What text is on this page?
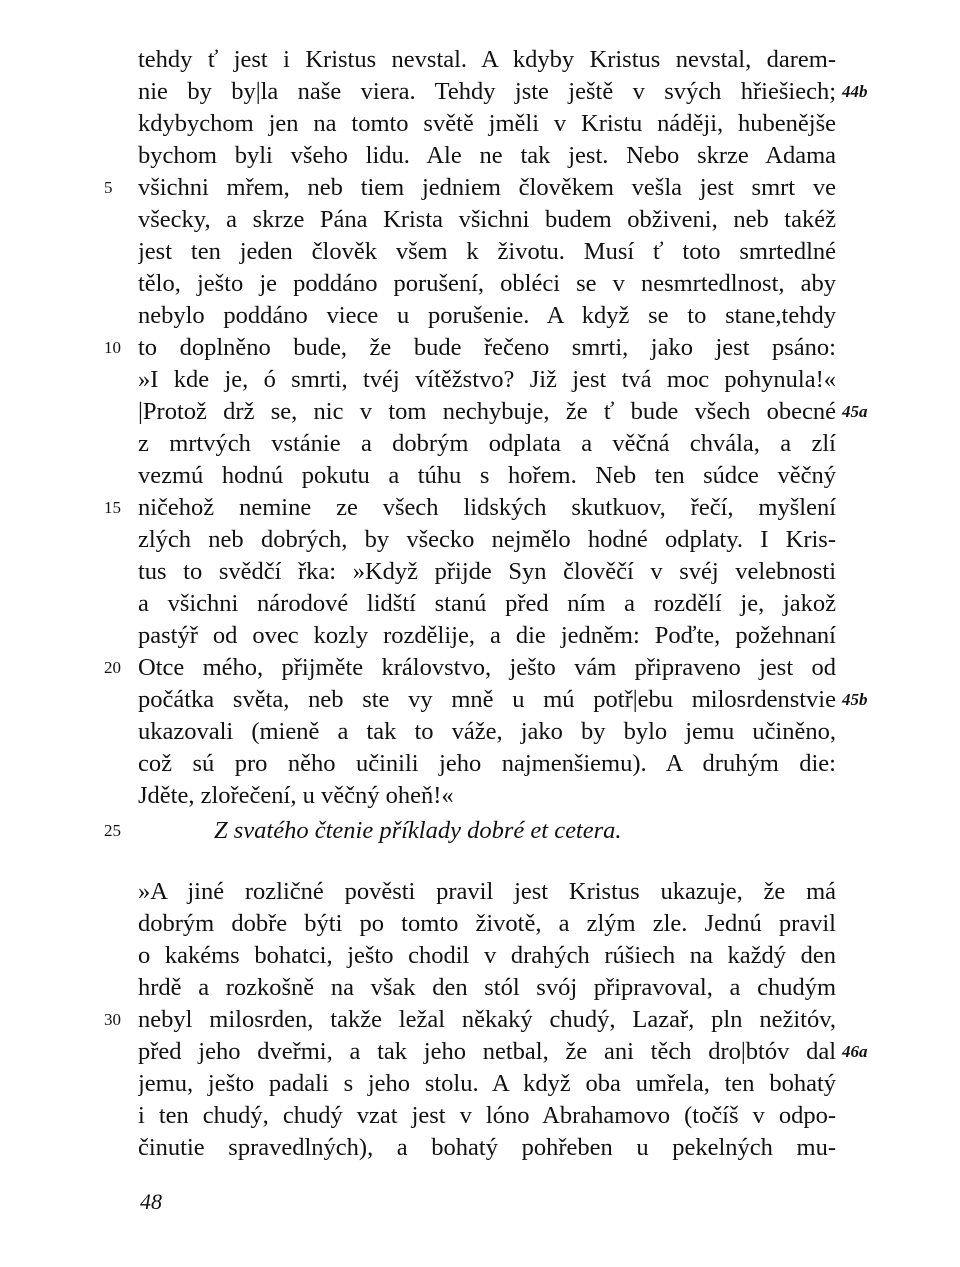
tehdy ť jest i Kristus nevstal. A kdyby Kristus nevstal, darem-
nie by by|la naše viera. Tehdy jste ještě v svých hřiešiech;
kdybychom jen na tomto světě jměli v Kristu náději, hubenějše
bychom byli všeho lidu. Ale ne tak jest. Nebo skrze Adama
všichni mřem, neb tiem jedniem člověkem vešla jest smrt ve
všecky, a skrze Pána Krista všichni budem obživeni, neb takéž
jest ten jeden člověk všem k životu. Musí ť toto smrtedlné
tělo, ješto je poddáno porušení, obléci se v nesmrtedlnost, aby
nebylo poddáno viece u porušenie. A když se to stane,tehdy
to doplněno bude, že bude řečeno smrti, jako jest psáno:
»I kde je, ó smrti, tvéj vítěžstvo? Již jest tvá moc pohynula!«
|Protož drž se, nic v tom nechybuje, že ť bude všech obecné
z mrtvých vstánie a dobrým odplata a věčná chvála, a zlí
vezmú hodnú pokutu a túhu s hořem. Neb ten súdce věčný
ničehož nemine ze všech lidských skutkuov, řečí, myšlení
zlých neb dobrých, by všecko nejmělo hodné odplaty. I Kris-
tus to svědčí řka: »Když přijde Syn člověčí v svéj velebnosti
a všichni národové lidští stanú před ním a rozdělí je, jakož
pastýř od ovec kozly rozdělije, a die jedněm: Poďte, požehnaní
Otce mého, přijměte královstvo, ješto vám připraveno jest od
počátka světa, neb ste vy mně u mú potř|ebu milosrdenstvie
ukazovali (mieně a tak to váže, jako by bylo jemu učiněno,
což sú pro něho učinili jeho najmenšiemu). A druhým die:
Jděte, zlořečení, u věčný oheň!«
Z svatého čtenie příklady dobré et cetera.
»A jiné rozličné pověsti pravil jest Kristus ukazuje, že má
dobrým dobře býti po tomto životě, a zlým zle. Jednú pravil
o kakéms bohatci, ješto chodil v drahých rúšiech na každý den
hrdě a rozkošně na však den stól svój připravoval, a chudým
nebyl milosrden, takže ležal někaký chudý, Lazař, pln nežitóv,
před jeho dveřmi, a tak jeho netbal, že ani těch dro|btóv dal
jemu, ješto padali s jeho stolu. A když oba umřela, ten bohatý
i ten chudý, chudý vzat jest v lóno Abrahamovo (točíš v odpo-
činutie spravedlných), a bohatý pohřeben u pekelných mu-
5
10
15
20
25
30
44b
45a
45b
46a
48
